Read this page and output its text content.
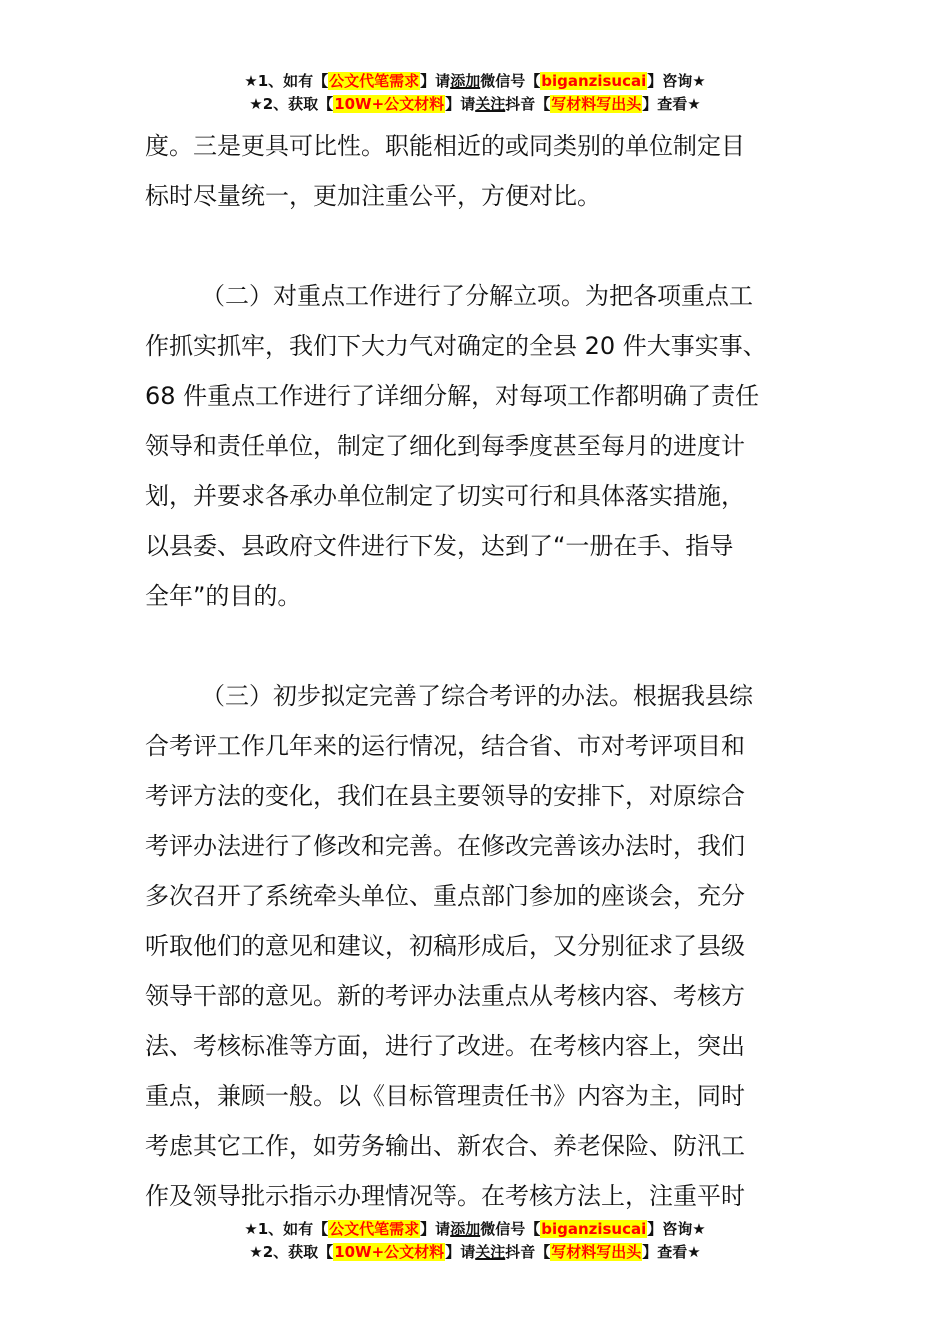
★1、如有【公文代笔需求】请添加微信号【biganzisucai】咨询★
★2、获取【10W+公文材料】请关注抖音【写材料写出头】查看★

度。三是更具可比性。职能相近的或同类别的单位制定目
标时尽量统一，更加注重公平，方便对比。

（二）对重点工作进行了分解立项。为把各项重点工
作抓实抓牢，我们下大力气对确定的全县 20 件大事实事、
68 件重点工作进行了详细分解，对每项工作都明确了责任
领导和责任单位，制定了细化到每季度甚至每月的进度计
划，并要求各承办单位制定了切实可行和具体落实措施，
以县委、县政府文件进行下发，达到了“一册在手、指导
全年”的目的。

（三）初步拟定完善了综合考评的办法。根据我县综
合考评工作几年来的运行情况，结合省、市对考评项目和
考评方法的变化，我们在县主要领导的安排下，对原综合
考评办法进行了修改和完善。在修改完善该办法时，我们
多次召开了系统牵头单位、重点部门参加的座谈会，充分
听取他们的意见和建议，初稿形成后，又分别征求了县级
领导干部的意见。新的考评办法重点从考核内容、考核方
法、考核标准等方面，进行了改进。在考核内容上，突出
重点，兼顾一般。以《目标管理责任书》内容为主，同时
考虑其它工作，如劳务输出、新农合、养老保险、防汛工
作及领导批示指示办理情况等。在考核方法上，注重平时

★1、如有【公文代笔需求】请添加微信号【biganzisucai】咨询★
★2、获取【10W+公文材料】请关注抖音【写材料写出头】查看★
